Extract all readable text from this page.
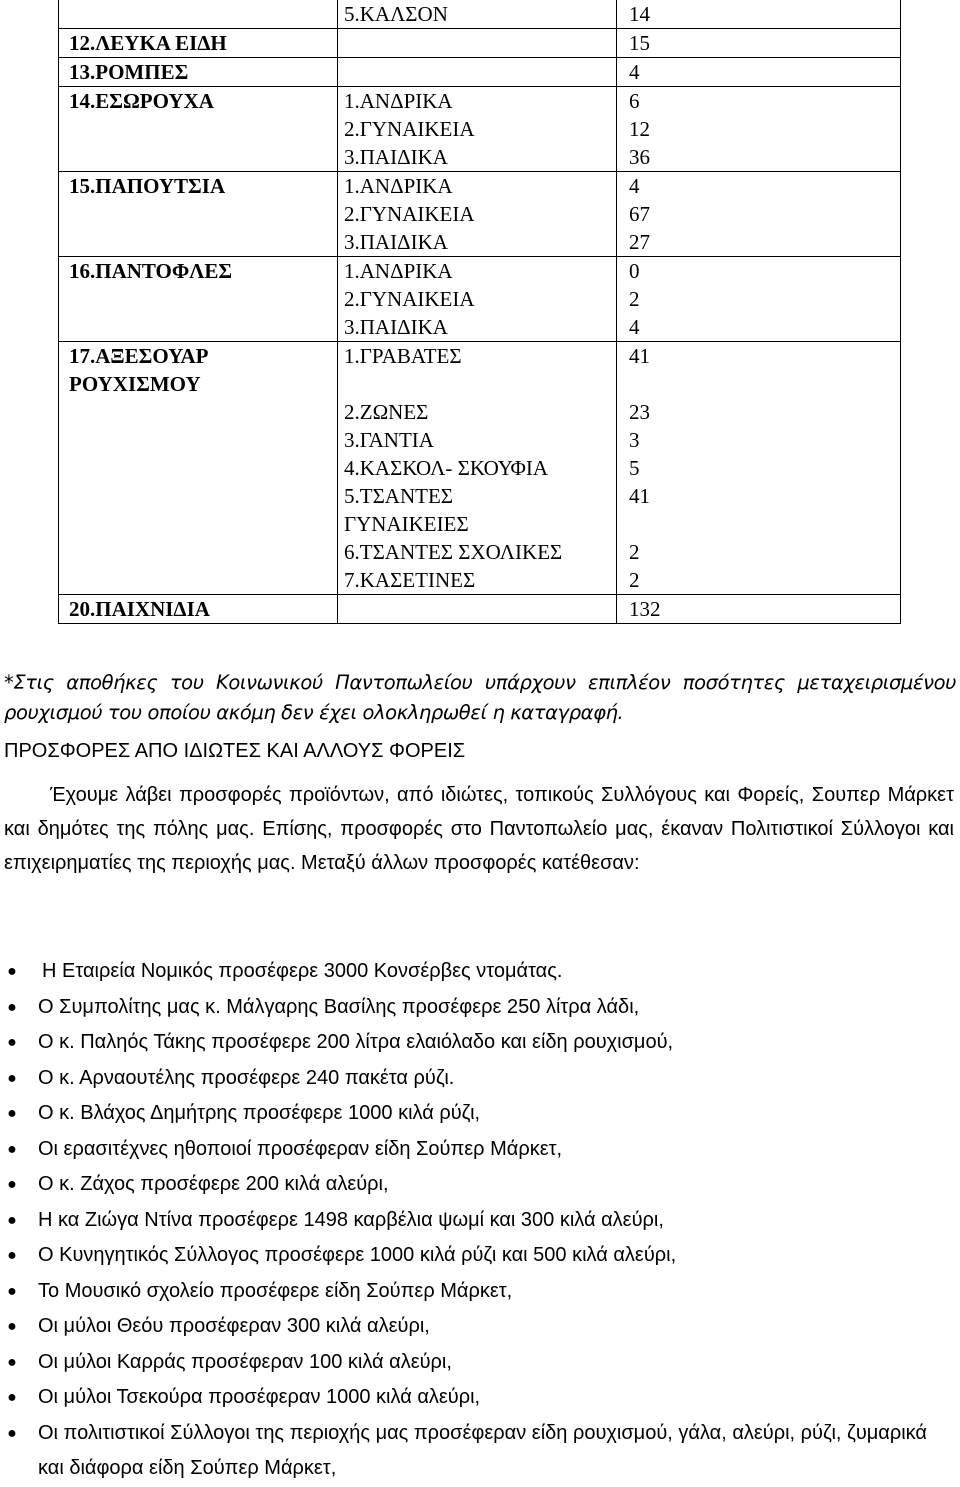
	5.ΚΑΛΣΟΝ	14
12.ΛΕΥΚΑ ΕΙΔΗ		15
13.ΡΟΜΠΕΣ		4
14.ΕΣΩΡΟΥΧΑ	1.ΑΝΔΡΙΚΑ	6
	2.ΓΥΝΑΙΚΕΙΑ	12
	3.ΠΑΙΔΙΚΑ	36
15.ΠΑΠΟΥΤΣΙΑ	1.ΑΝΔΡΙΚΑ	4
	2.ΓΥΝΑΙΚΕΙΑ	67
	3.ΠΑΙΔΙΚΑ	27
16.ΠΑΝΤΟΦΛΕΣ	1.ΑΝΔΡΙΚΑ	0
	2.ΓΥΝΑΙΚΕΙΑ	2
	3.ΠΑΙΔΙΚΑ	4
17.ΑΞΕΣΟΥΑΡ ΡΟΥΧΙΣΜΟΥ	1.ΓΡΑΒΑΤΕΣ	41
	2.ΖΩΝΕΣ	23
	3.ΓΑΝΤΙΑ	3
	4.ΚΑΣΚΟΛ- ΣΚΟΥΦΙΑ	5
	5.ΤΣΑΝΤΕΣ ΓΥΝΑΙΚΕΙΕΣ	41
	6.ΤΣΑΝΤΕΣ ΣΧΟΛΙΚΕΣ	2
	7.ΚΑΣΕΤΙΝΕΣ	2
20.ΠΑΙΧΝΙΔΙΑ		132

*Στις αποθήκες του Κοινωνικού Παντοπωλείου υπάρχουν επιπλέον ποσότητες μεταχειρισμένου ρουχισμού του οποίου ακόμη δεν έχει ολοκληρωθεί η καταγραφή.

ΠΡΟΣΦΟΡΕΣ ΑΠΟ ΙΔΙΩΤΕΣ ΚΑΙ ΑΛΛΟΥΣ ΦΟΡΕΙΣ

Έχουμε λάβει προσφορές προϊόντων, από ιδιώτες, τοπικούς Συλλόγους και Φορείς, Σουπερ Μάρκετ και δημότες της πόλης μας. Επίσης, προσφορές στο Παντοπωλείο μας, έκαναν Πολιτιστικοί Σύλλογοι και επιχειρηματίες της περιοχής μας. Μεταξύ άλλων προσφορές κατέθεσαν:

● Η Εταιρεία Νομικός προσέφερε 3000 Κονσέρβες ντομάτας.
● Ο Συμπολίτης μας κ. Μάλγαρης Βασίλης προσέφερε 250 λίτρα λάδι,
● Ο κ. Παληός Τάκης προσέφερε 200 λίτρα ελαιόλαδο και είδη ρουχισμού,
● Ο κ. Αρναουτέλης προσέφερε 240 πακέτα ρύζι.
● Ο κ. Βλάχος Δημήτρης προσέφερε 1000 κιλά ρύζι,
● Οι ερασιτέχνες ηθοποιοί προσέφεραν είδη Σούπερ Μάρκετ,
● Ο κ. Ζάχος προσέφερε 200 κιλά αλεύρι,
● Η κα Ζιώγα Ντίνα προσέφερε 1498 καρβέλια ψωμί και 300 κιλά αλεύρι,
● Ο Κυνηγητικός Σύλλογος προσέφερε 1000 κιλά ρύζι και 500 κιλά αλεύρι,
● Το Μουσικό σχολείο προσέφερε είδη Σούπερ Μάρκετ,
● Οι μύλοι Θεόυ προσέφεραν 300 κιλά αλεύρι,
● Οι μύλοι Καρράς προσέφεραν 100 κιλά αλεύρι,
● Οι μύλοι Τσεκούρα προσέφεραν 1000 κιλά αλεύρι,
● Οι πολιτιστικοί Σύλλογοι της περιοχής μας προσέφεραν είδη ρουχισμού, γάλα, αλεύρι, ρύζι, ζυμαρικά και διάφορα είδη Σούπερ Μάρκετ,
